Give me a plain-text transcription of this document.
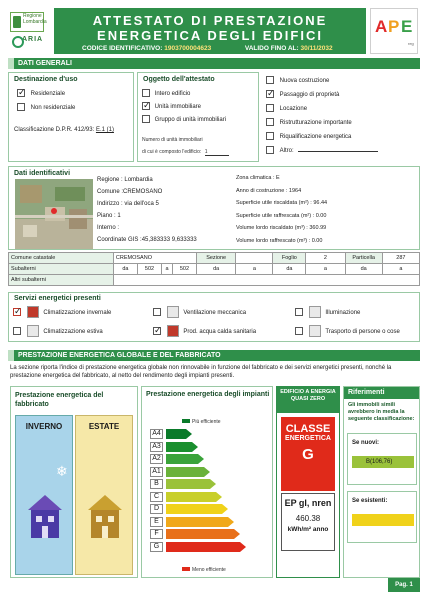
Regione Lombardia
ARIA
ATTESTATO DI PRESTAZIONE
ENERGETICA DEGLI EDIFICI
CODICE IDENTIFICATIVO: 1903700004623	VALIDO FINO AL: 30/11/2032
A P E
reg
DATI GENERALI
Destinazione d'uso
✓ Residenziale
Non residenziale
Classificazione D.P.R. 412/93: E.1 (1)
Oggetto dell'attestato
Intero edificio
✓ Unità immobiliare
Gruppo di unità immobiliari
Numero di unità immobiliari
di cui è composto l'edificio: 1
Nuova costruzione
✓ Passaggio di proprietà
Locazione
Ristrutturazione importante
Riqualificazione energetica
Altro:
Dati identificativi
Regione : Lombardia
Comune :CREMOSANO
Indirizzo : via dell'oca 5
Piano : 1
Interno :
Coordinate GIS :45,383333 9,633333
Zona climatica : E
Anno di costruzione : 1964
Superficie utile riscaldata (m²) : 96.44
Superficie utile raffrescata (m²) : 0.00
Volume lordo riscaldato (m³) : 360.99
Volume lordo raffrescato (m³) : 0.00
Comune catastale	CREMOSANO				Sezione		Foglio	2	Particella	287
Subalterni	da	502	a	502	da	a	da	a	da	a
Altri subalterni										
Servizi energetici presenti
✓  Climatizzazione invernale	Ventilazione meccanica	Illuminazione
Climatizzazione estiva ✓	Prod. acqua calda sanitaria	Trasporto di persone o cose
PRESTAZIONE ENERGETICA GLOBALE E DEL FABBRICATO
La sezione riporta l'indice di prestazione energetica globale non rinnovabile in funzione del fabbricato e dei servizi energetici presenti, nonché la prestazione energetica del fabbricato, al netto del rendimento degli impianti presenti.
Prestazione energetica del fabbricato
INVERNO
❄
ESTATE
Prestazione energetica degli impianti
Più efficiente
A4
A3
A2
A1
B
C
D
E
F
G
Meno efficiente
EDIFICIO A ENERGIA QUASI ZERO
CLASSE
ENERGETICA
G
EP gl, nren
460.38
kWh/m² anno
Riferimenti
Gli immobili simili avrebbero in media la seguente classificazione:
Se nuovi:
B(106,76)
Se esistenti:
Pag. 1
